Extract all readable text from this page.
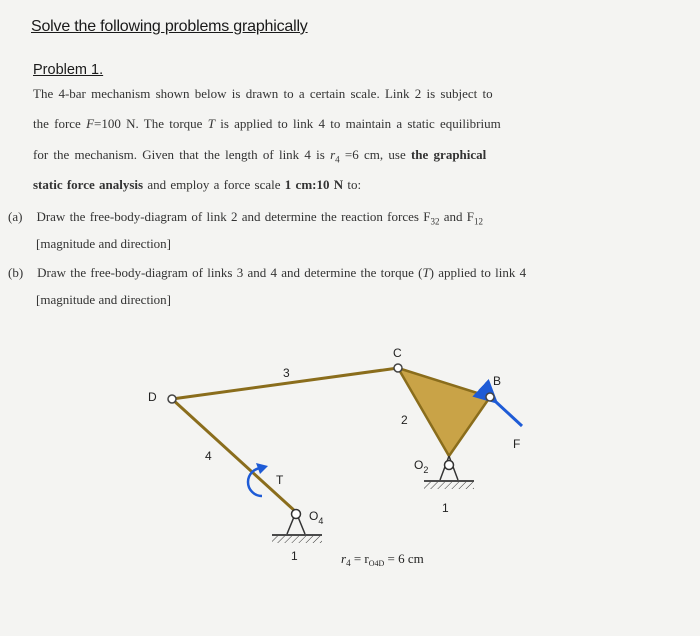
Solve the following problems graphically
Problem 1.
The 4-bar mechanism shown below is drawn to a certain scale. Link 2 is subject to
the force F=100 N. The torque T is applied to link 4 to maintain a static equilibrium
for the mechanism. Given that the length of link 4 is $r_4 =6$ cm, use the graphical
static force analysis and employ a force scale 1 cm:10 N to:
(a) Draw the free-body-diagram of link 2 and determine the reaction forces $F_{32}$ and $F_{12}$
[magnitude and direction]
(b) Draw the free-body-diagram of links 3 and 4 and determine the torque (T) applied to link 4
[magnitude and direction]
C
B
D
3
2
F
4
T
$O_2$
$O_4$
1
1	$r_4 = r_{O4D} = 6$ cm
